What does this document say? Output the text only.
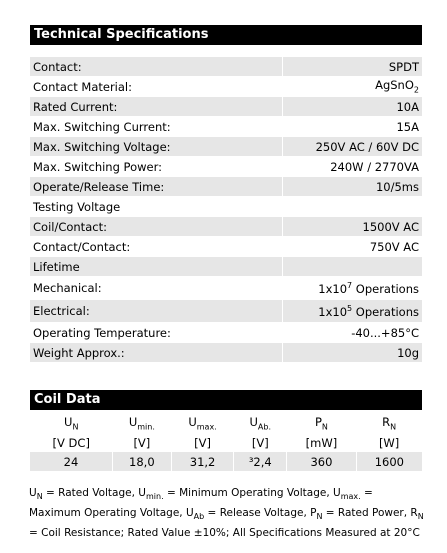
Technical Specifications
Contact:	SPDT
Contact Material:	AgSnO$_2$
Rated Current:	10A
Max. Switching Current:	15A
Max. Switching Voltage:	250V AC / 60V DC
Max. Switching Power:	240W / 2770VA
Operate/Release Time:	10/5ms
Testing Voltage	
Coil/Contact:	1500V AC
Contact/Contact:	750V AC
Lifetime	
Mechanical:	$1x10^7$ Operations
Electrical:	$1x10^5$ Operations
Operating Temperature:	-40...+85°C
Weight Approx.:	10g
Coil Data
$U_N$	$U_{min.}$	$U_{max.}$	$U_{Ab.}$	$P_N$	$R_N$
[V DC]	[V]	[V]	[V]	[mW]	[W]
24	18,0	31,2	³2,4	360	1600
$U_N$ = Rated Voltage, $U_{min.}$ = Minimum Operating Voltage, $U_{max.}$ = Maximum Operating Voltage, $U_{Ab}$ = Release Voltage, $P_N$ = Rated Power, $R_N$ = Coil Resistance; Rated Value ±10%; All Specifications Measured at 20°C
